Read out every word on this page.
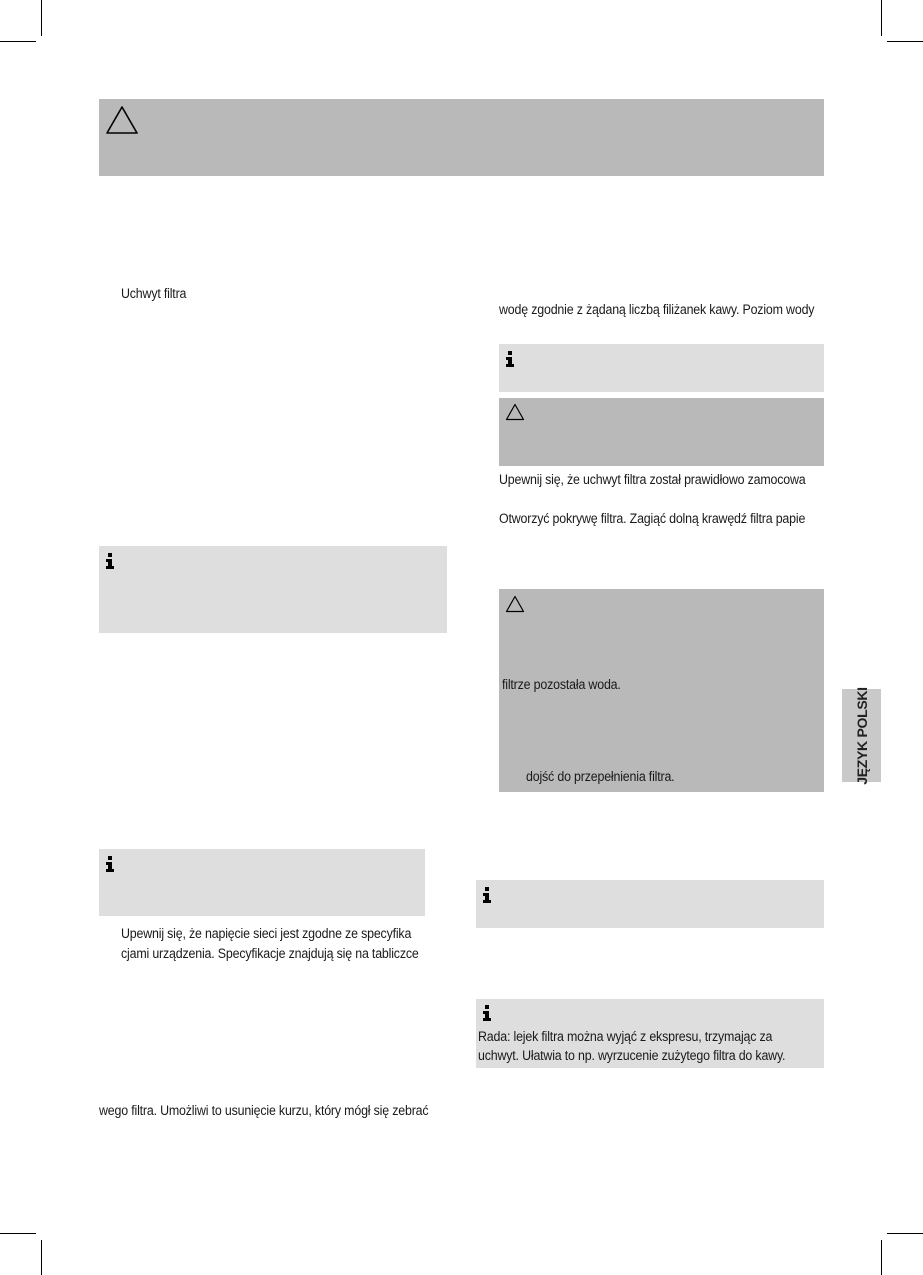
Uchwyt filtra
Upewnij się, że napięcie sieci jest zgodne ze specyfika
cjami urządzenia. Specyfikacje znajdują się na tabliczce
wego filtra. Umożliwi to usunięcie kurzu, który mógł się zebrać
wodę zgodnie z żądaną liczbą filiżanek kawy. Poziom wody
Upewnij się, że uchwyt filtra został prawidłowo zamocowa
Otworzyć pokrywę filtra. Zagiąć dolną krawędź filtra papie
filtrze pozostała woda.
dojść do przepełnienia filtra.
Rada: lejek filtra można wyjąć z ekspresu, trzymając za
uchwyt. Ułatwia to np. wyrzucenie zużytego filtra do kawy.
JĘZYK POLSKI
